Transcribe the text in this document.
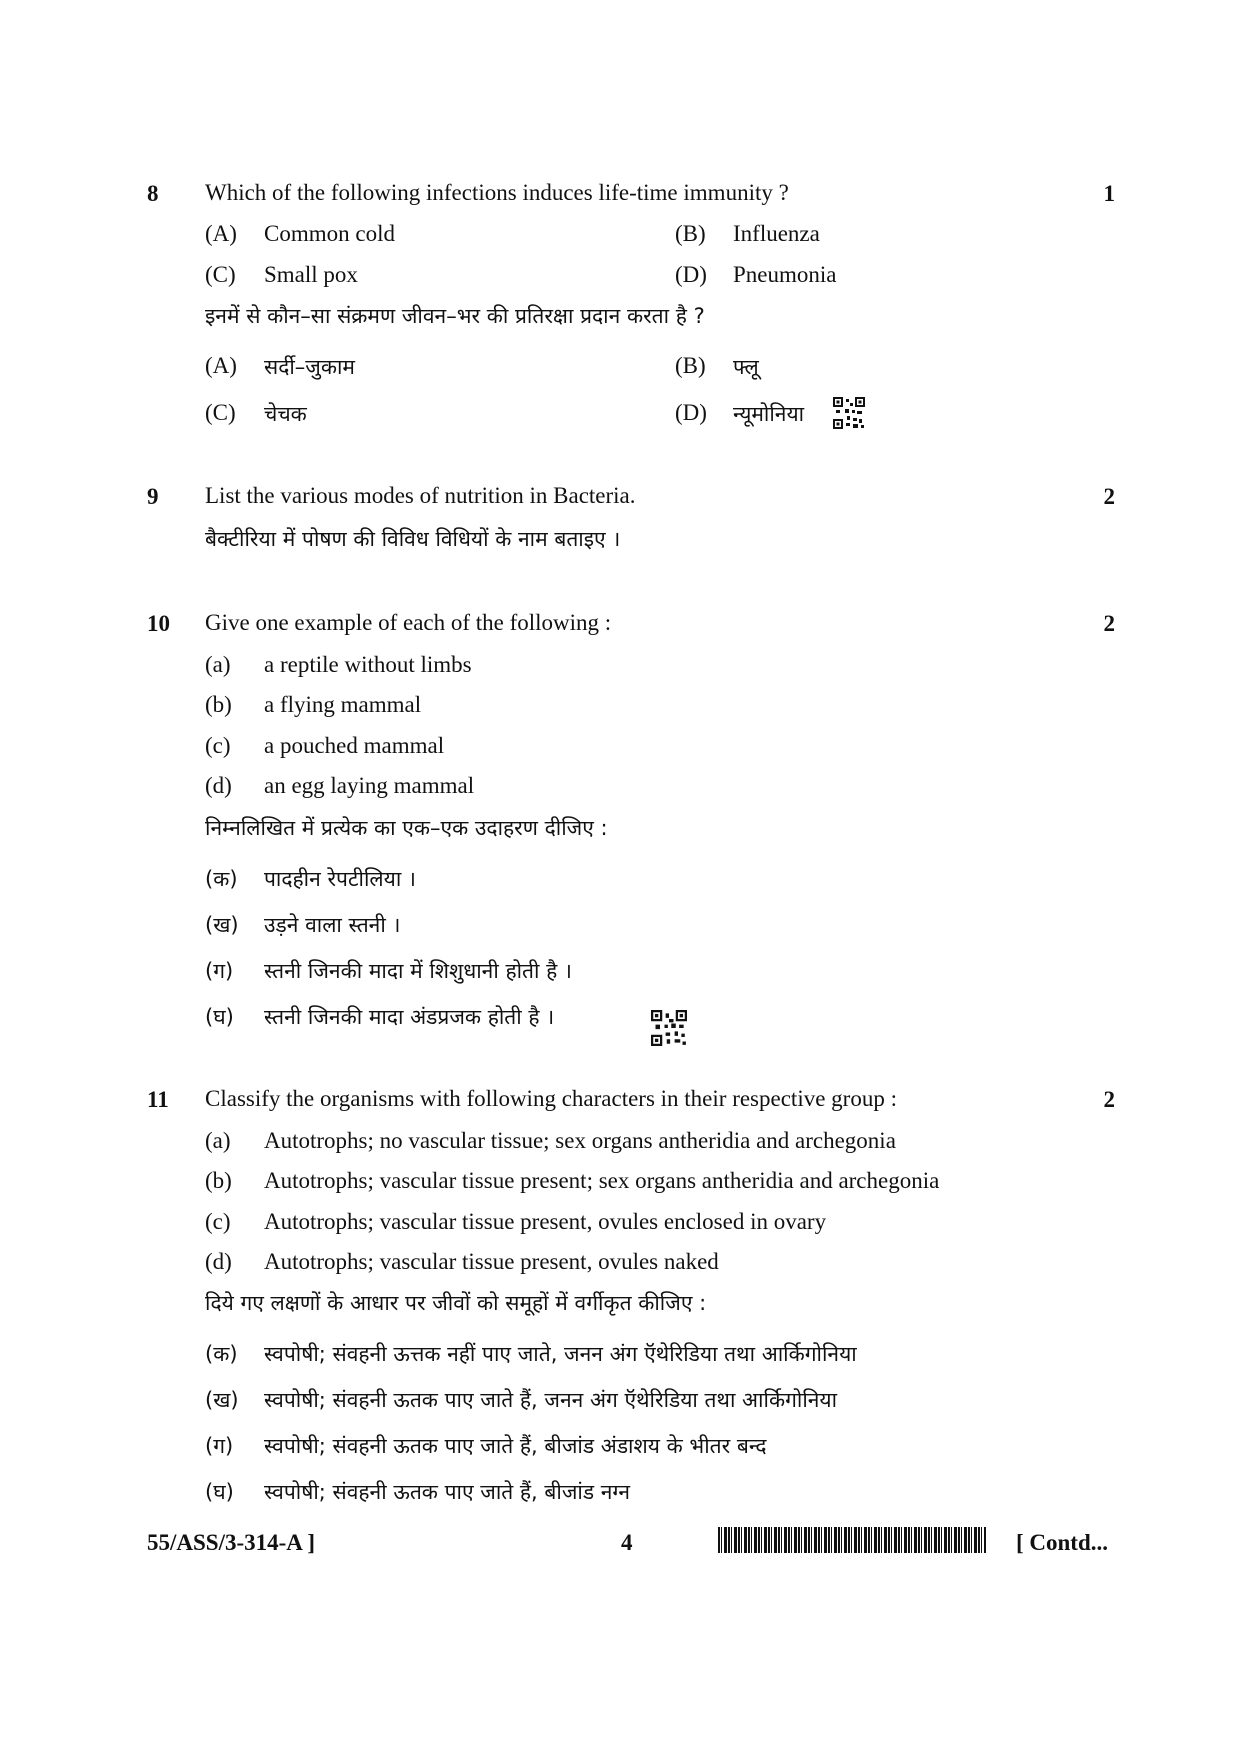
8 Which of the following infections induces life-time immunity ?	1
(A) Common cold	(B) Influenza
(C) Small pox	(D) Pneumonia
इनमें से कौन–सा संक्रमण जीवन–भर की प्रतिरक्षा प्रदान करता है ?
(A) सर्दी–जुकाम	(B) फ्लू
(C) चेचक	(D) न्यूमोनिया
9 List the various modes of nutrition in Bacteria.	2
बैक्टीरिया में पोषण की विविध विधियों के नाम बताइए ।
10 Give one example of each of the following :	2
(a) a reptile without limbs
(b) a flying mammal
(c) a pouched mammal
(d) an egg laying mammal
निम्नलिखित में प्रत्येक का एक–एक उदाहरण दीजिए :
(क) पादहीन रेपटीलिया ।
(ख) उड़ने वाला स्तनी ।
(ग) स्तनी जिनकी मादा में शिशुधानी होती है ।
(घ) स्तनी जिनकी मादा अंडप्रजक होती है ।
11 Classify the organisms with following characters in their respective group :	2
(a) Autotrophs; no vascular tissue; sex organs antheridia and archegonia
(b) Autotrophs; vascular tissue present; sex organs antheridia and archegonia
(c) Autotrophs; vascular tissue present, ovules enclosed in ovary
(d) Autotrophs; vascular tissue present, ovules naked
दिये गए लक्षणों के आधार पर जीवों को समूहों में वर्गीकृत कीजिए :
(क) स्वपोषी; संवहनी ऊत्तक नहीं पाए जाते, जनन अंग ऍथेरिडिया तथा आर्किगोनिया
(ख) स्वपोषी; संवहनी ऊतक पाए जाते हैं, जनन अंग ऍथेरिडिया तथा आर्किगोनिया
(ग) स्वपोषी; संवहनी ऊतक पाए जाते हैं, बीजांड अंडाशय के भीतर बन्द
55/ASS/3-314-A ]	4	[ Contd...
(घ) स्वपोषी; संवहनी ऊतक पाए जाते हैं, बीजांड नग्न
